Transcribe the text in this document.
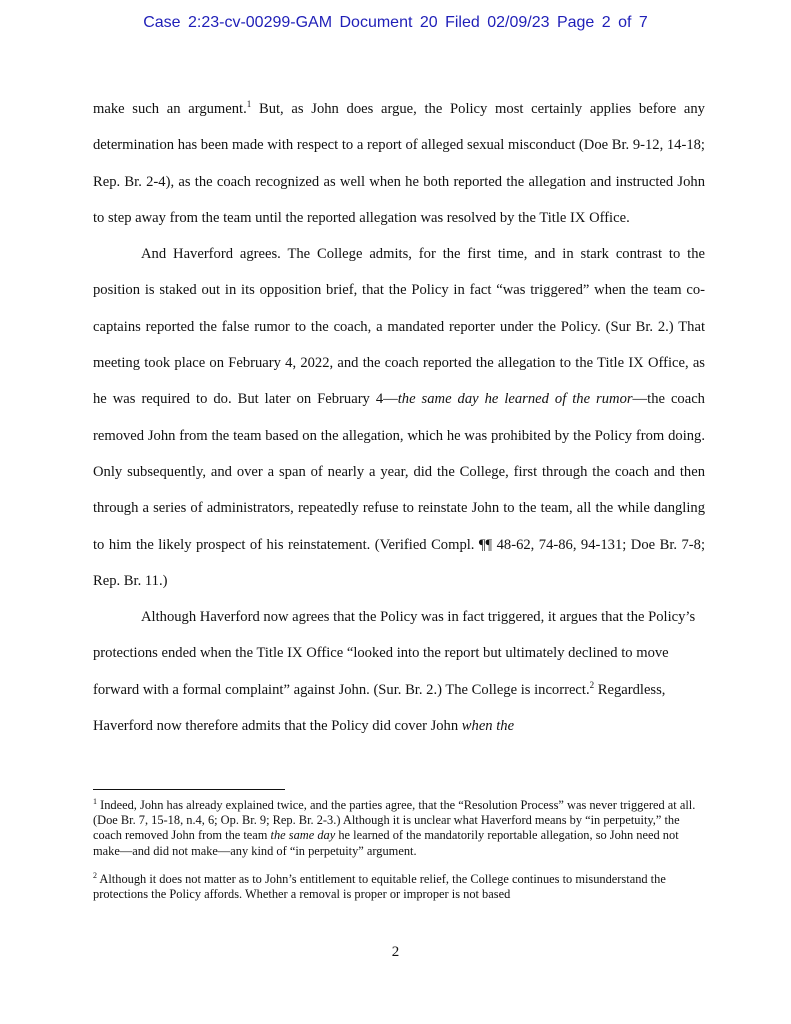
Case 2:23-cv-00299-GAM Document 20 Filed 02/09/23 Page 2 of 7

make such an argument.$^1$ But, as John does argue, the Policy most certainly applies before any determination has been made with respect to a report of alleged sexual misconduct (Doe Br. 9-12, 14-18; Rep. Br. 2-4), as the coach recognized as well when he both reported the allegation and instructed John to step away from the team until the reported allegation was resolved by the Title IX Office.

And Haverford agrees. The College admits, for the first time, and in stark contrast to the position is staked out in its opposition brief, that the Policy in fact “was triggered” when the team co-captains reported the false rumor to the coach, a mandated reporter under the Policy. (Sur Br. 2.) That meeting took place on February 4, 2022, and the coach reported the allegation to the Title IX Office, as he was required to do. But later on February 4—the same day he learned of the rumor—the coach removed John from the team based on the allegation, which he was prohibited by the Policy from doing. Only subsequently, and over a span of nearly a year, did the College, first through the coach and then through a series of administrators, repeatedly refuse to reinstate John to the team, all the while dangling to him the likely prospect of his reinstatement. (Verified Compl. ¶¶ 48-62, 74-86, 94-131; Doe Br. 7-8; Rep. Br. 11.)

Although Haverford now agrees that the Policy was in fact triggered, it argues that the Policy’s protections ended when the Title IX Office “looked into the report but ultimately declined to move forward with a formal complaint” against John. (Sur. Br. 2.) The College is incorrect.$^2$ Regardless, Haverford now therefore admits that the Policy did cover John when the

$^1$ Indeed, John has already explained twice, and the parties agree, that the “Resolution Process” was never triggered at all. (Doe Br. 7, 15-18, n.4, 6; Op. Br. 9; Rep. Br. 2-3.) Although it is unclear what Haverford means by “in perpetuity,” the coach removed John from the team the same day he learned of the mandatorily reportable allegation, so John need not make—and did not make—any kind of “in perpetuity” argument.

$^2$ Although it does not matter as to John’s entitlement to equitable relief, the College continues to misunderstand the protections the Policy affords. Whether a removal is proper or improper is not based

2
